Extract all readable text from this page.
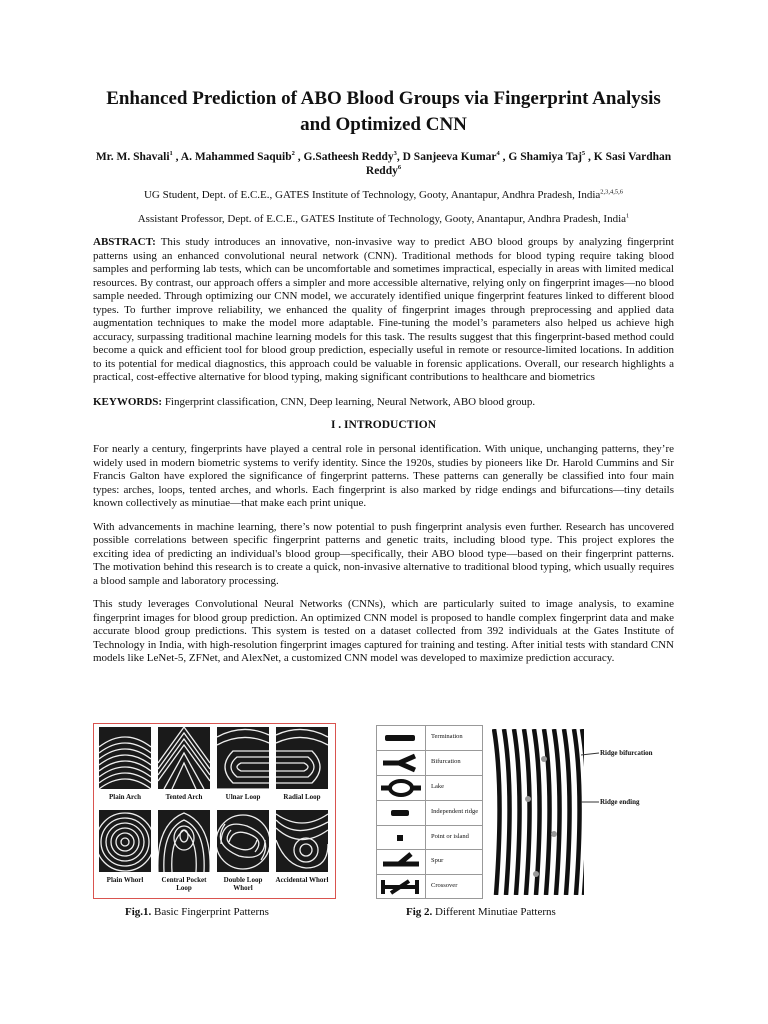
Enhanced Prediction of ABO Blood Groups via Fingerprint Analysis and Optimized CNN
Mr. M. Shavali$^1$ , A. Mahammed Saquib$^2$ , G.Satheesh Reddy$^3$, D Sanjeeva Kumar$^4$ , G Shamiya Taj$^5$ , K Sasi Vardhan Reddy$^6$
UG Student, Dept. of E.C.E., GATES Institute of Technology, Gooty, Anantapur, Andhra Pradesh, India$^{2,3,4,5,6}$
Assistant Professor, Dept. of E.C.E., GATES Institute of Technology, Gooty, Anantapur, Andhra Pradesh, India$^1$

ABSTRACT: This study introduces an innovative, non-invasive way to predict ABO blood groups by analyzing fingerprint patterns using an enhanced convolutional neural network (CNN). Traditional methods for blood typing require taking blood samples and performing lab tests, which can be uncomfortable and sometimes impractical, especially in areas with limited medical resources. By contrast, our approach offers a simpler and more accessible alternative, relying only on fingerprint images—no blood sample needed. Through optimizing our CNN model, we accurately identified unique fingerprint features linked to different blood types. To further improve reliability, we enhanced the quality of fingerprint images through preprocessing and applied data augmentation techniques to make the model more adaptable. Fine-tuning the model’s parameters also helped us achieve high accuracy, surpassing traditional machine learning models for this task. The results suggest that this fingerprint-based method could become a quick and efficient tool for blood group prediction, especially useful in remote or resource-limited locations. In addition to its potential for medical diagnostics, this approach could be valuable in forensic applications. Overall, our research highlights a practical, cost-effective alternative for blood typing, making significant contributions to healthcare and biometrics

KEYWORDS: Fingerprint classification, CNN, Deep learning, Neural Network, ABO blood group.

I . INTRODUCTION

For nearly a century, fingerprints have played a central role in personal identification. With unique, unchanging patterns, they’re widely used in modern biometric systems to verify identity. Since the 1920s, studies by pioneers like Dr. Harold Cummins and Sir Francis Galton have explored the significance of fingerprint patterns. These patterns can generally be classified into four main types: arches, loops, tented arches, and whorls. Each fingerprint is also marked by ridge endings and bifurcations—tiny details known collectively as minutiae—that make each print unique.

With advancements in machine learning, there’s now potential to push fingerprint analysis even further. Research has uncovered possible correlations between specific fingerprint patterns and genetic traits, including blood type. This project explores the exciting idea of predicting an individual's blood group—specifically, their ABO blood type—based on their fingerprint patterns. The motivation behind this research is to create a quick, non-invasive alternative to traditional blood typing, which usually requires a blood sample and laboratory processing.

This study leverages Convolutional Neural Networks (CNNs), which are particularly suited to image analysis, to examine fingerprint images for blood group prediction. An optimized CNN model is proposed to handle complex fingerprint data and make accurate blood group predictions. This system is tested on a dataset collected from 392 individuals at the Gates Institute of Technology in India, with high-resolution fingerprint images captured for training and testing. After initial tests with standard CNN models like LeNet-5, ZFNet, and AlexNet, a customized CNN model was developed to maximize prediction accuracy.

Plain Arch	Tented Arch	Ulnar Loop	Radial Loop
Plain Whorl	Central Pocket Loop
Double Loop Whorl
Accidental Whorl
Termination
Bifurcation
Lake
Independent ridge
Point or island
Spur
Crossover
Ridge bifurcation
Ridge ending
Fig.1. Basic Fingerprint Patterns	Fig 2. Different Minutiae Patterns
